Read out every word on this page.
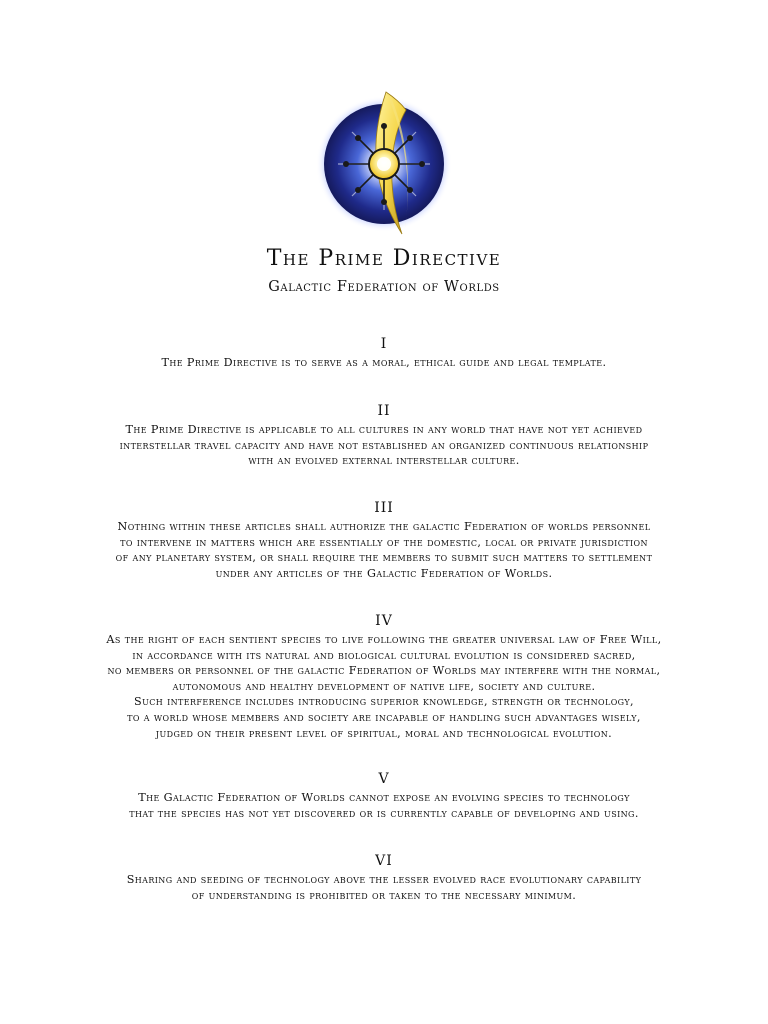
The Prime Directive
Galactic Federation of Worlds
I
The Prime Directive is to serve as a moral, ethical guide and legal template.
II
The Prime Directive is applicable to all cultures in any world that have not yet achieved
interstellar travel capacity and have not established an organized continuous relationship
with an evolved external interstellar culture.
III
Nothing within these articles shall authorize the galactic Federation of worlds personnel
to intervene in matters which are essentially of the domestic, local or private jurisdiction
of any planetary system, or shall require the members to submit such matters to settlement
under any articles of the Galactic Federation of Worlds.
IV
As the right of each sentient species to live following the greater universal law of Free Will,
in accordance with its natural and biological cultural evolution is considered sacred,
no members or personnel of the galactic Federation of Worlds may interfere with the normal,
autonomous and healthy development of native life, society and culture.
Such interference includes introducing superior knowledge, strength or technology,
to a world whose members and society are incapable of handling such advantages wisely,
judged on their present level of spiritual, moral and technological evolution.
V
The Galactic Federation of Worlds cannot expose an evolving species to technology
that the species has not yet discovered or is currently capable of developing and using.
VI
Sharing and seeding of technology above the lesser evolved race evolutionary capability
of understanding is prohibited or taken to the necessary minimum.
